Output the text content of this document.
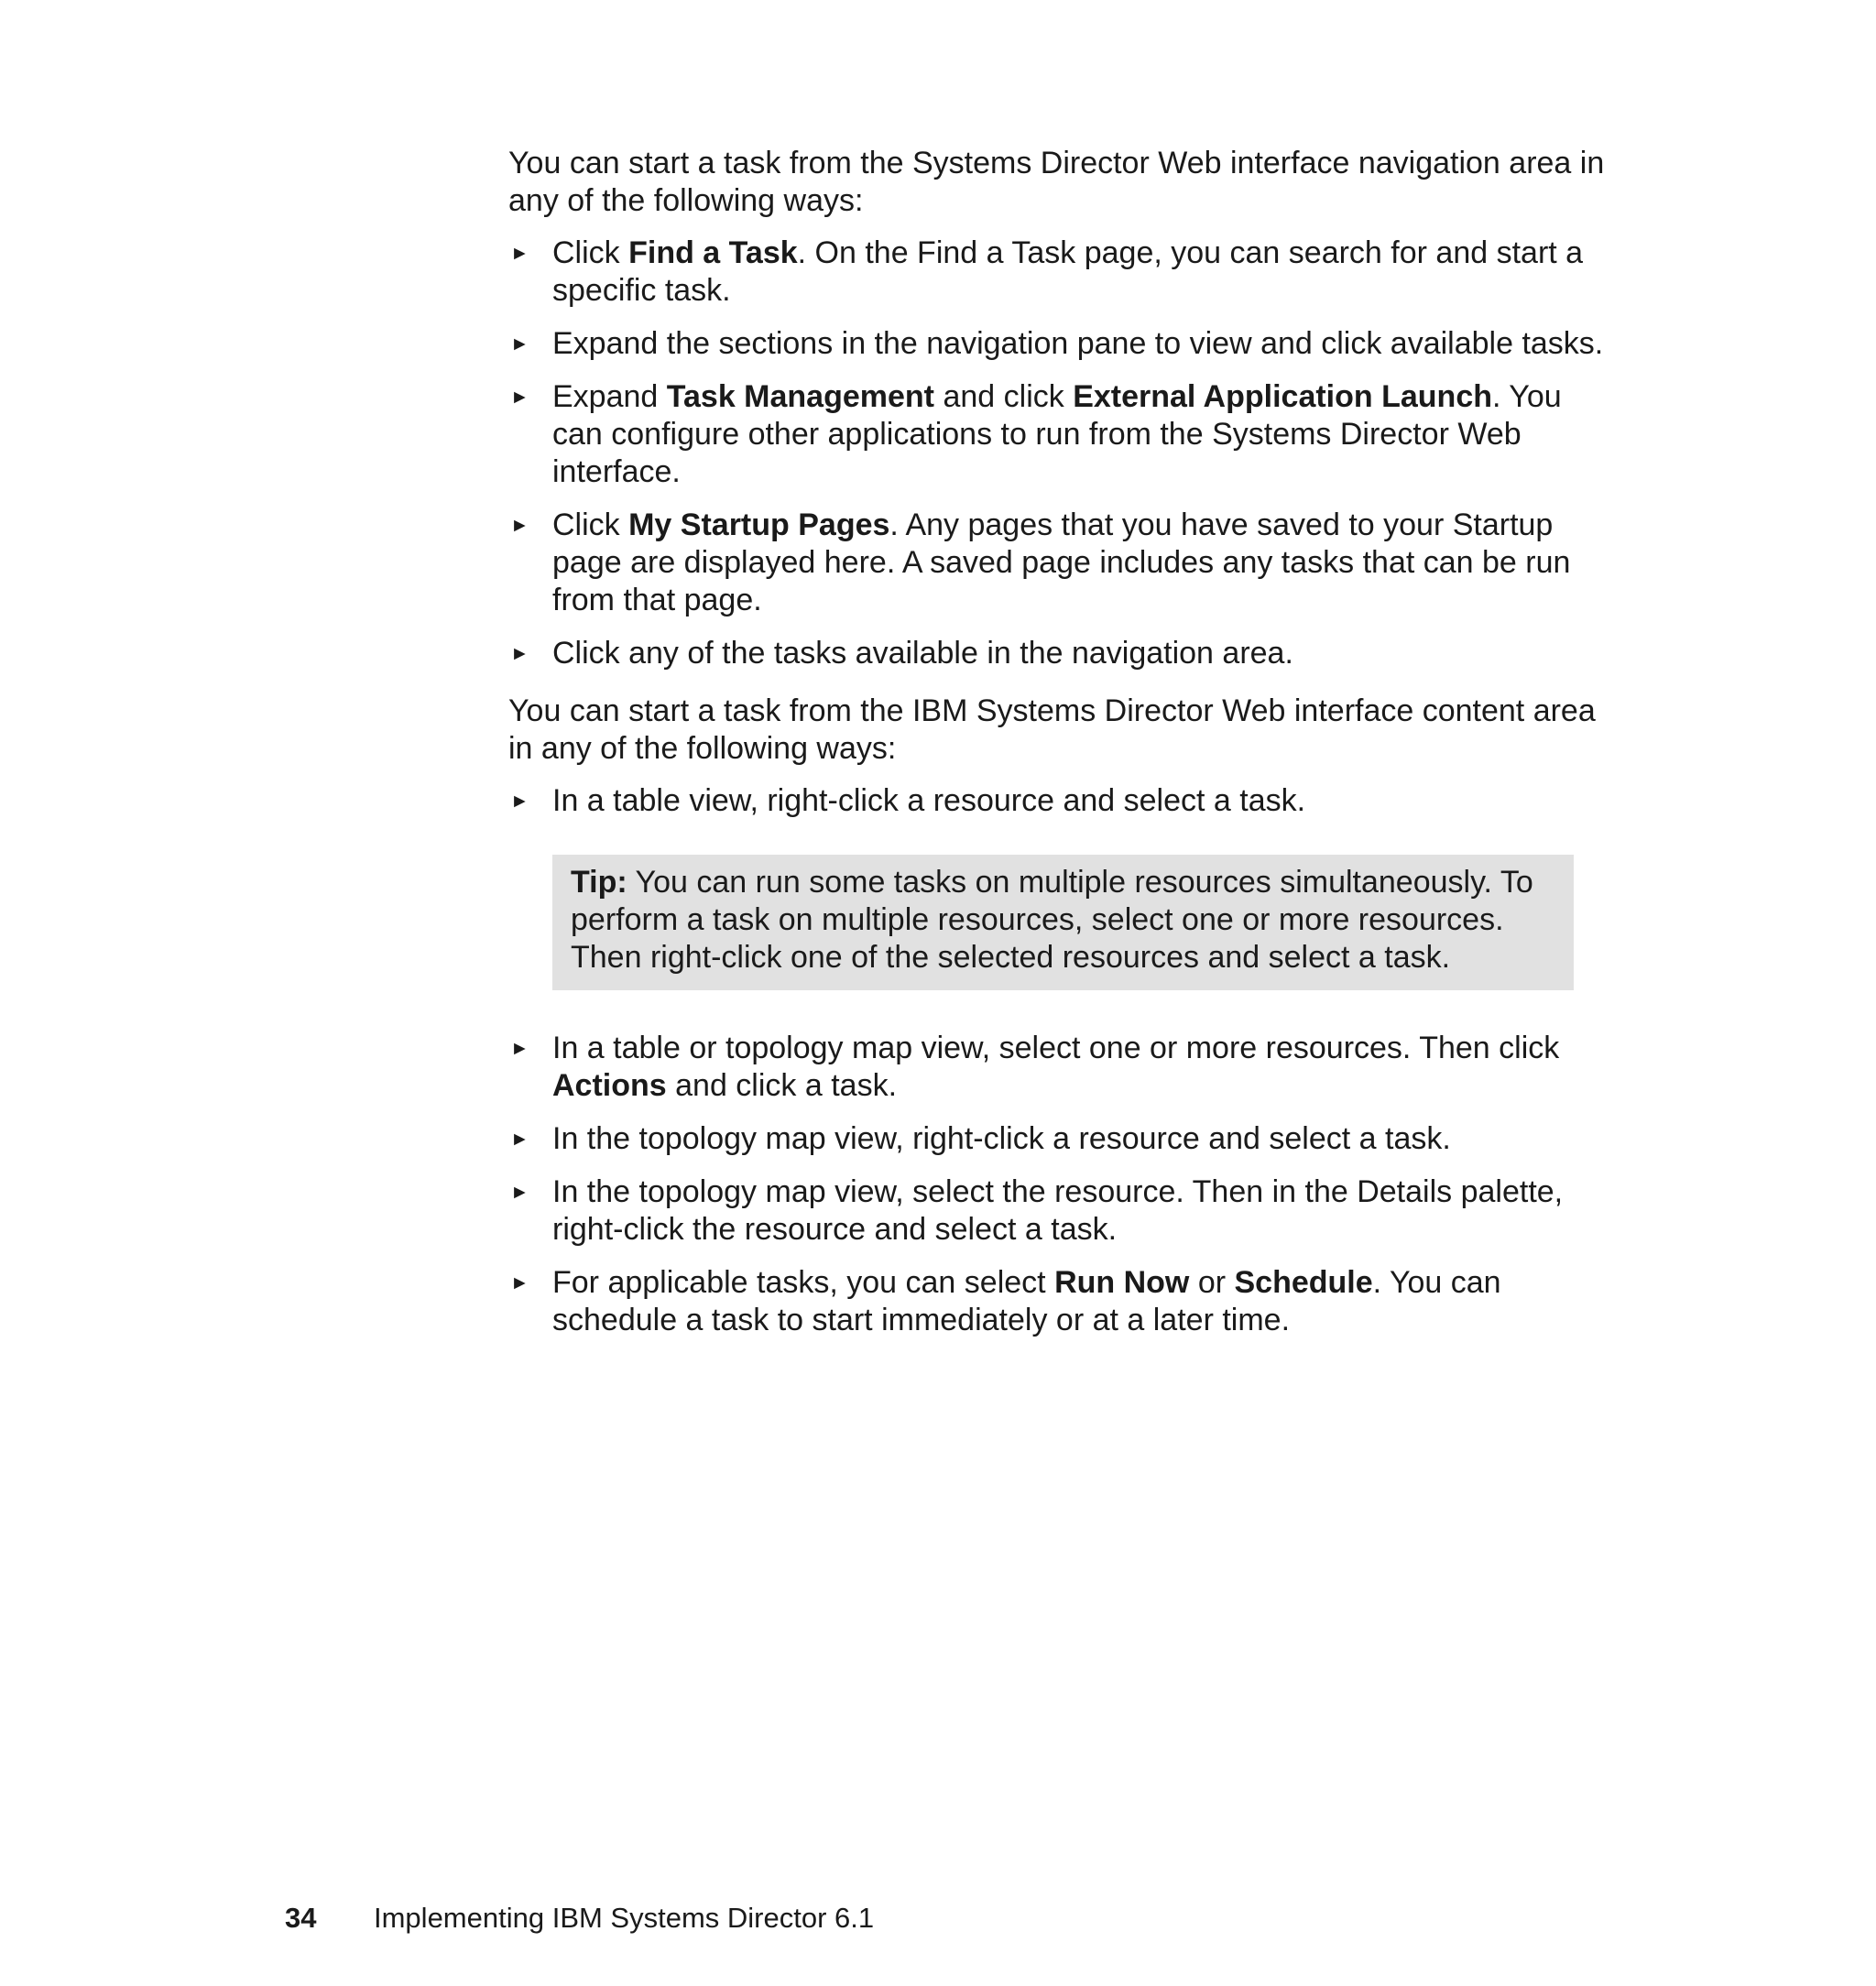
You can start a task from the Systems Director Web interface navigation area in any of the following ways:

► Click Find a Task. On the Find a Task page, you can search for and start a specific task.
► Expand the sections in the navigation pane to view and click available tasks.
► Expand Task Management and click External Application Launch. You can configure other applications to run from the Systems Director Web interface.
► Click My Startup Pages. Any pages that you have saved to your Startup page are displayed here. A saved page includes any tasks that can be run from that page.
► Click any of the tasks available in the navigation area.

You can start a task from the IBM Systems Director Web interface content area in any of the following ways:

► In a table view, right-click a resource and select a task.
Tip: You can run some tasks on multiple resources simultaneously. To perform a task on multiple resources, select one or more resources. Then right-click one of the selected resources and select a task.
► In a table or topology map view, select one or more resources. Then click Actions and click a task.
► In the topology map view, right-click a resource and select a task.
► In the topology map view, select the resource. Then in the Details palette, right-click the resource and select a task.
► For applicable tasks, you can select Run Now or Schedule. You can schedule a task to start immediately or at a later time.
34 Implementing IBM Systems Director 6.1
